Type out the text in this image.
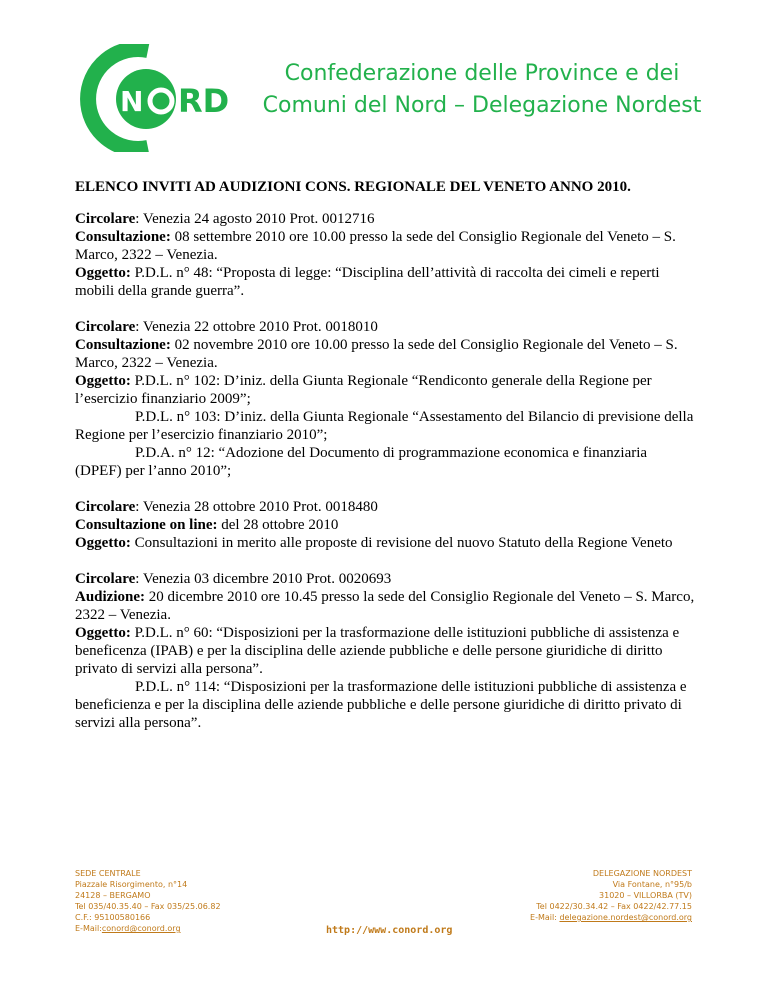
N RD
Confederazione delle Province e dei
Comuni del Nord – Delegazione Nordest

ELENCO INVITI AD AUDIZIONI CONS. REGIONALE DEL VENETO ANNO 2010.

Circolare: Venezia 24 agosto 2010 Prot. 0012716

Consultazione: 08 settembre 2010 ore 10.00 presso la sede del Consiglio Regionale del Veneto – S. Marco, 2322 – Venezia.

Oggetto: P.D.L. n° 48: “Proposta di legge: “Disciplina dell’attività di raccolta dei cimeli e reperti mobili della grande guerra”.

Circolare: Venezia 22 ottobre 2010 Prot. 0018010

Consultazione: 02 novembre 2010 ore 10.00 presso la sede del Consiglio Regionale del Veneto – S. Marco, 2322 – Venezia.

Oggetto: P.D.L. n° 102: D’iniz. della Giunta Regionale “Rendiconto generale della Regione per l’esercizio finanziario 2009”;

P.D.L. n° 103: D’iniz. della Giunta Regionale “Assestamento del Bilancio di previsione della Regione per l’esercizio finanziario 2010”;

P.D.A. n° 12: “Adozione del Documento di programmazione economica e finanziaria (DPEF) per l’anno 2010”;

Circolare: Venezia 28 ottobre 2010 Prot. 0018480

Consultazione on line: del 28 ottobre 2010

Oggetto: Consultazioni in merito alle proposte di revisione del nuovo Statuto della Regione Veneto

Circolare: Venezia 03 dicembre 2010 Prot. 0020693

Audizione: 20 dicembre 2010 ore 10.45 presso la sede del Consiglio Regionale del Veneto – S. Marco, 2322 – Venezia.

Oggetto: P.D.L. n° 60: “Disposizioni per la trasformazione delle istituzioni pubbliche di assistenza e beneficenza (IPAB) e per la disciplina delle aziende pubbliche e delle persone giuridiche di diritto privato di servizi alla persona”.

P.D.L. n° 114: “Disposizioni per la trasformazione delle istituzioni pubbliche di assistenza e beneficienza e per la disciplina delle aziende pubbliche e delle persone giuridiche di diritto privato di servizi alla persona”.

SEDE CENTRALE
Piazzale Risorgimento, n°14
24128 – BERGAMO
Tel 035/40.35.40 – Fax 035/25.06.82
C.F.: 95100580166
E-Mail:conord@conord.org
DELEGAZIONE NORDEST
Via Fontane, n°95/b
31020 – VILLORBA (TV)
Tel 0422/30.34.42 – Fax 0422/42.77.15
E-Mail: delegazione.nordest@conord.org
http://www.conord.org
